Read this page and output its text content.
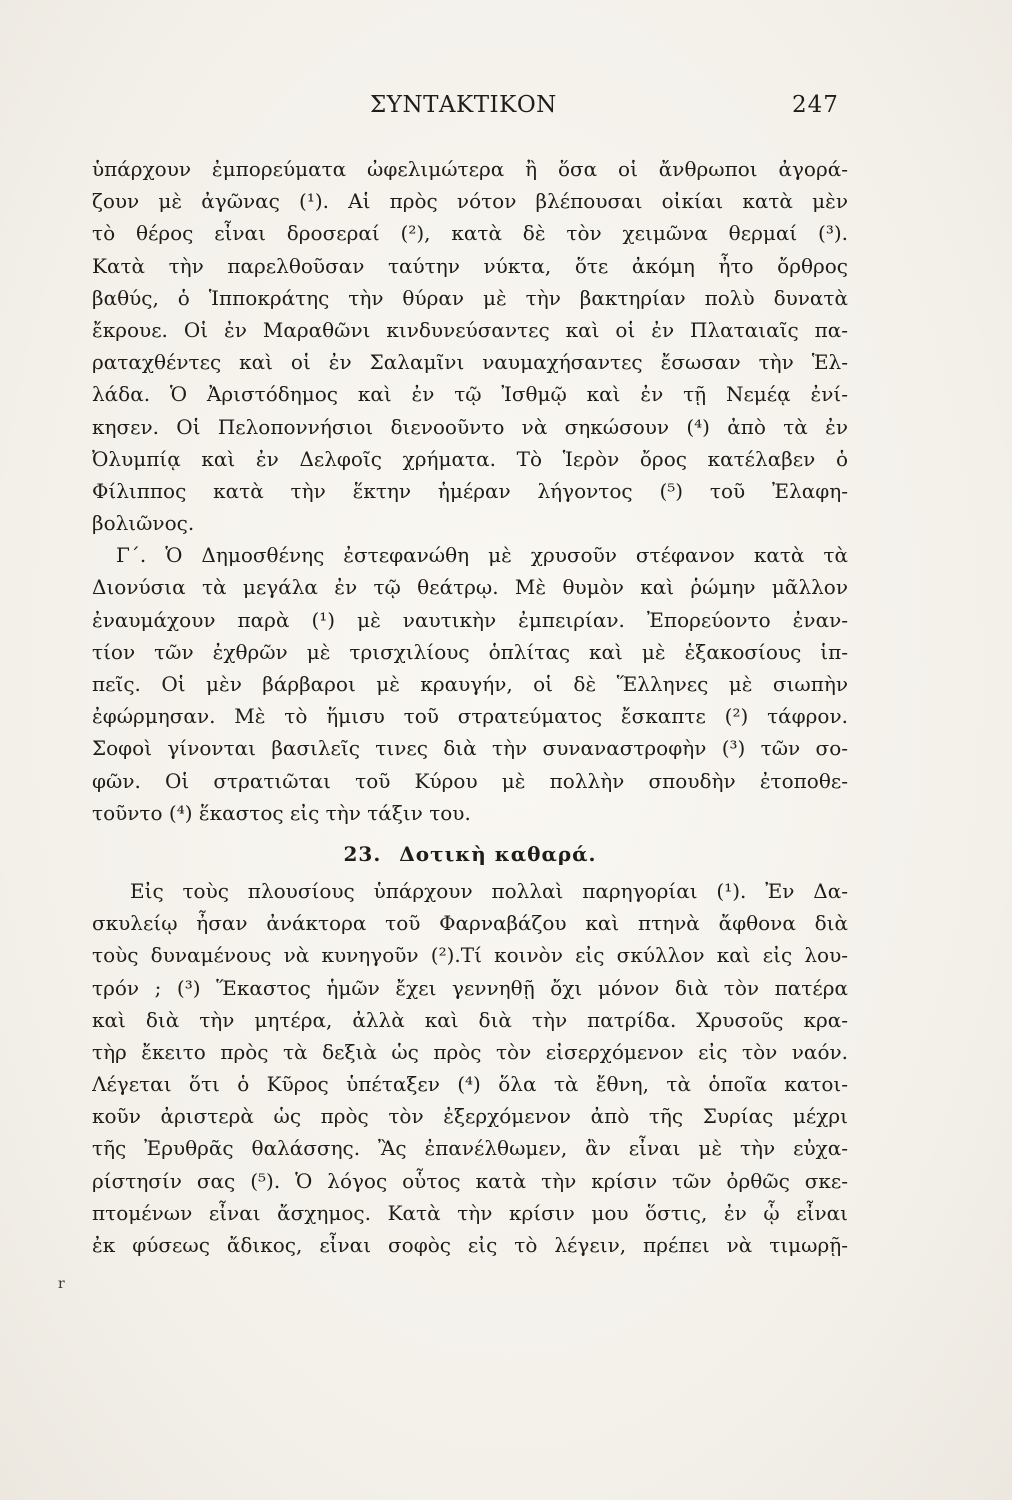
ΣΥΝΤΑΚΤΙΚΟΝ	247
ὑπάρχουν ἐμπορεύματα ὠφελιμώτερα ἢ ὅσα οἱ ἄνθρωποι ἀγορά-
ζουν μὲ ἀγῶνας (¹). Αἱ πρὸς νότον βλέπουσαι οἰκίαι κατὰ μὲν
τὸ θέρος εἶναι δροσεραί (²), κατὰ δὲ τὸν χειμῶνα θερμαί (³).
Κατὰ τὴν παρελθοῦσαν ταύτην νύκτα, ὅτε ἀκόμη ἦτο ὄρθρος
βαθύς, ὁ Ἱπποκράτης τὴν θύραν μὲ τὴν βακτηρίαν πολὺ δυνατὰ
ἔκρουε. Οἱ ἐν Μαραθῶνι κινδυνεύσαντες καὶ οἱ ἐν Πλαταιαῖς πα-
ραταχθέντες καὶ οἱ ἐν Σαλαμῖνι ναυμαχήσαντες ἔσωσαν τὴν Ἑλ-
λάδα. Ὁ Ἀριστόδημος καὶ ἐν τῷ Ἰσθμῷ καὶ ἐν τῇ Νεμέᾳ ἐνί-
κησεν. Οἱ Πελοποννήσιοι διενοοῦντο νὰ σηκώσουν (⁴) ἀπὸ τὰ ἐν
Ὀλυμπίᾳ καὶ ἐν Δελφοῖς χρήματα. Τὸ Ἱερὸν ὄρος κατέλαβεν ὁ
Φίλιππος κατὰ τὴν ἕκτην ἡμέραν λήγοντος (⁵) τοῦ Ἐλαφη-
βολιῶνος.
Γ΄. Ὁ Δημοσθένης ἐστεφανώθη μὲ χρυσοῦν στέφανον κατὰ τὰ
Διονύσια τὰ μεγάλα ἐν τῷ θεάτρῳ. Μὲ θυμὸν καὶ ῥώμην μᾶλλον
ἐναυμάχουν παρὰ (¹) μὲ ναυτικὴν ἐμπειρίαν. Ἐπορεύοντο ἐναν-
τίον τῶν ἐχθρῶν μὲ τρισχιλίους ὁπλίτας καὶ μὲ ἑξακοσίους ἱπ-
πεῖς. Οἱ μὲν βάρβαροι μὲ κραυγήν, οἱ δὲ Ἕλληνες μὲ σιωπὴν
ἐφώρμησαν. Μὲ τὸ ἥμισυ τοῦ στρατεύματος ἔσκαπτε (²) τάφρον.
Σοφοὶ γίνονται βασιλεῖς τινες διὰ τὴν συναναστροφὴν (³) τῶν σο-
φῶν. Οἱ στρατιῶται τοῦ Κύρου μὲ πολλὴν σπουδὴν ἐτοποθε-
τοῦντο (⁴) ἕκαστος εἰς τὴν τάξιν του.
23. Δοτικὴ καθαρά.
Εἰς τοὺς πλουσίους ὑπάρχουν πολλαὶ παρηγορίαι (¹). Ἐν Δα-
σκυλείῳ ἦσαν ἀνάκτορα τοῦ Φαρναβάζου καὶ πτηνὰ ἄφθονα διὰ
τοὺς δυναμένους νὰ κυνηγοῦν (²).Τί κοινὸν εἰς σκύλλον καὶ εἰς λου-
τρόν ; (³) Ἕκαστος ἡμῶν ἔχει γεννηθῇ ὄχι μόνον διὰ τὸν πατέρα
καὶ διὰ τὴν μητέρα, ἀλλὰ καὶ διὰ τὴν πατρίδα. Χρυσοῦς κρα-
τὴρ ἔκειτο πρὸς τὰ δεξιὰ ὡς πρὸς τὸν εἰσερχόμενον εἰς τὸν ναόν.
Λέγεται ὅτι ὁ Κῦρος ὑπέταξεν (⁴) ὅλα τὰ ἔθνη, τὰ ὁποῖα κατοι-
κοῦν ἀριστερὰ ὡς πρὸς τὸν ἐξερχόμενον ἀπὸ τῆς Συρίας μέχρι
τῆς Ἐρυθρᾶς θαλάσσης. Ἂς ἐπανέλθωμεν, ἂν εἶναι μὲ τὴν εὐχα-
ρίστησίν σας (⁵). Ὁ λόγος οὗτος κατὰ τὴν κρίσιν τῶν ὀρθῶς σκε-
πτομένων εἶναι ἄσχημος. Κατὰ τὴν κρίσιν μου ὅστις, ἐν ᾧ εἶναι
ἐκ φύσεως ἄδικος, εἶναι σοφὸς εἰς τὸ λέγειν, πρέπει νὰ τιμωρῇ-
r
